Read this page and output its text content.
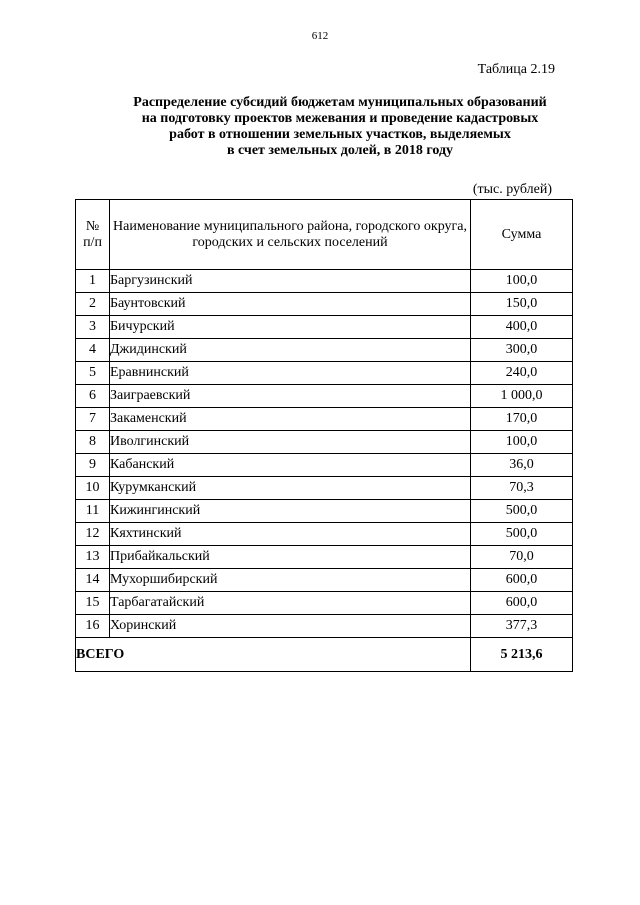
612
Таблица 2.19
Распределение субсидий бюджетам муниципальных образований
на подготовку проектов межевания и проведение кадастровых
работ в отношении земельных участков, выделяемых
в счет земельных долей, в 2018 году
(тыс. рублей)
№
п/п	Наименование муниципального района, городского округа, городских и сельских поселений	Сумма
1	Баргузинский	100,0
2	Баунтовский	150,0
3	Бичурский	400,0
4	Джидинский	300,0
5	Еравнинский	240,0
6	Заиграевский	1 000,0
7	Закаменский	170,0
8	Иволгинский	100,0
9	Кабанский	36,0
10	Курумканский	70,3
11	Кижингинский	500,0
12	Кяхтинский	500,0
13	Прибайкальский	70,0
14	Мухоршибирский	600,0
15	Тарбагатайский	600,0
16	Хоринский	377,3
ВСЕГО		5 213,6
